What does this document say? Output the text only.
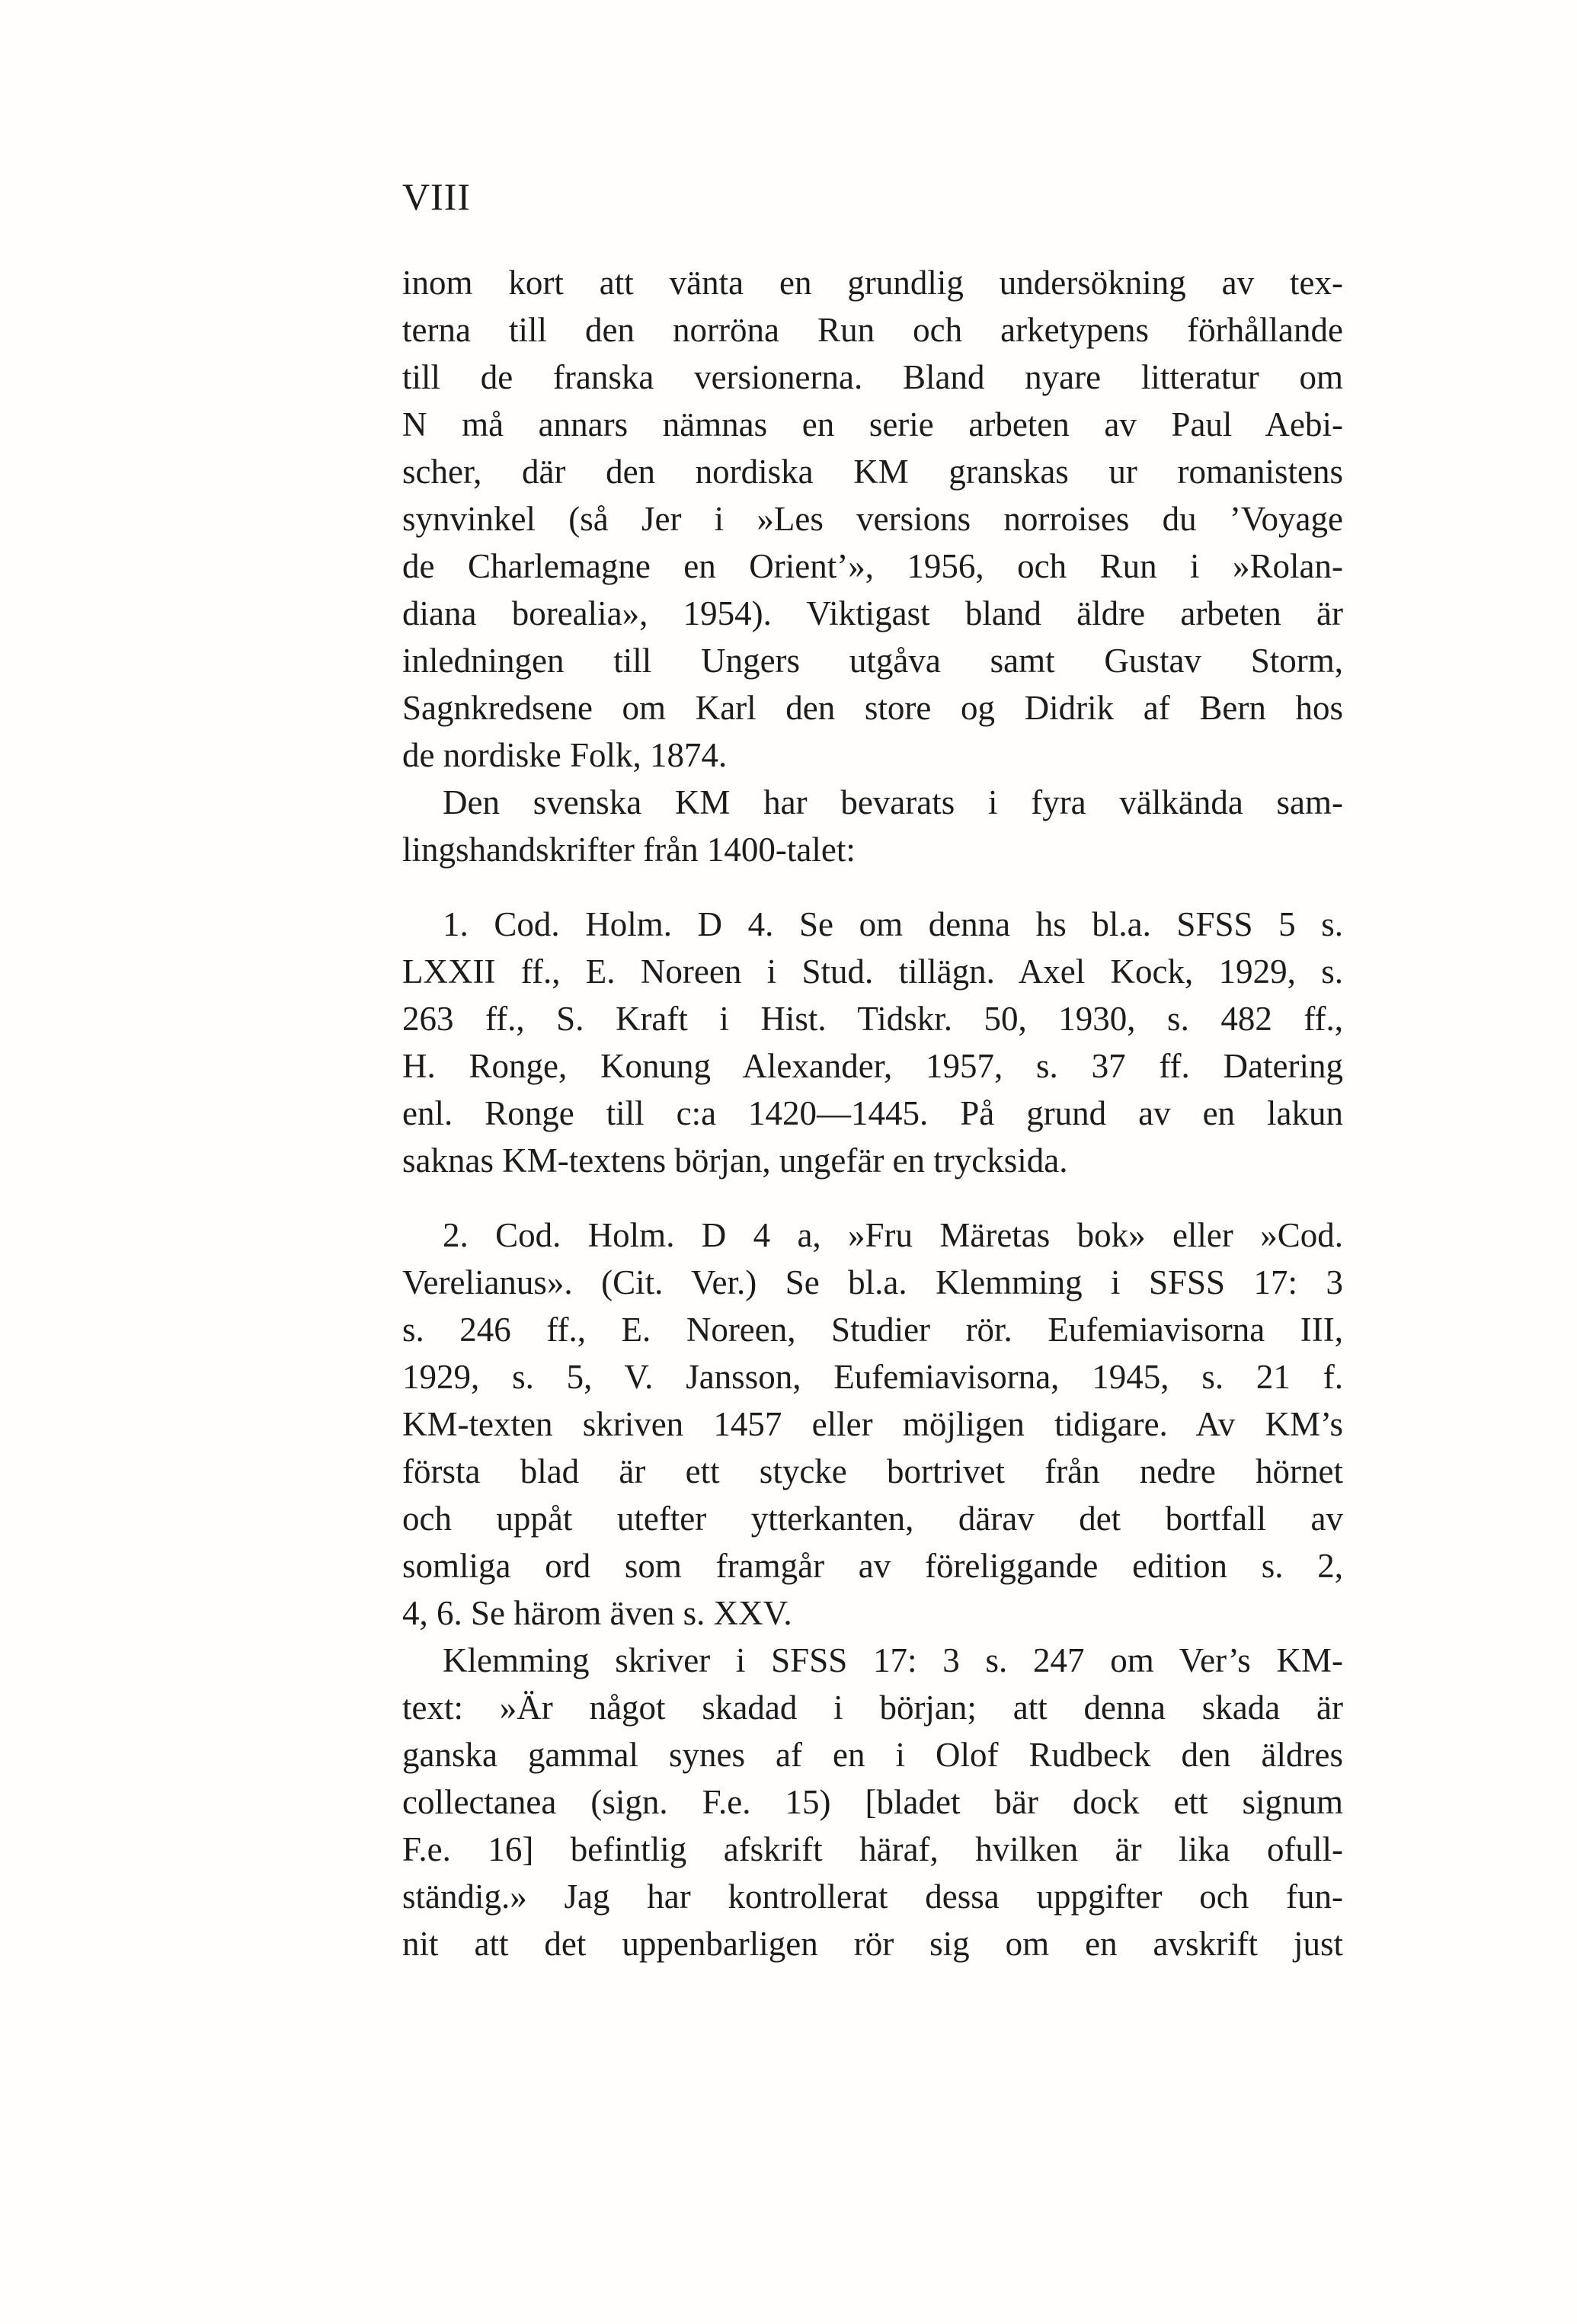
VIII
inom kort att vänta en grundlig undersökning av tex-
terna till den norröna Run och arketypens förhållande
till de franska versionerna. Bland nyare litteratur om
N må annars nämnas en serie arbeten av Paul Aebi-
scher, där den nordiska KM granskas ur romanistens
synvinkel (så Jer i »Les versions norroises du ’Voyage
de Charlemagne en Orient’», 1956, och Run i »Rolan-
diana borealia», 1954). Viktigast bland äldre arbeten är
inledningen till Ungers utgåva samt Gustav Storm,
Sagnkredsene om Karl den store og Didrik af Bern hos
de nordiske Folk, 1874.
Den svenska KM har bevarats i fyra välkända sam-
lingshandskrifter från 1400-talet:
1. Cod. Holm. D 4. Se om denna hs bl.a. SFSS 5 s.
LXXII ff., E. Noreen i Stud. tillägn. Axel Kock, 1929, s.
263 ff., S. Kraft i Hist. Tidskr. 50, 1930, s. 482 ff.,
H. Ronge, Konung Alexander, 1957, s. 37 ff. Datering
enl. Ronge till c:a 1420—1445. På grund av en lakun
saknas KM-textens början, ungefär en trycksida.
2. Cod. Holm. D 4 a, »Fru Märetas bok» eller »Cod.
Verelianus». (Cit. Ver.) Se bl.a. Klemming i SFSS 17: 3
s. 246 ff., E. Noreen, Studier rör. Eufemiavisorna III,
1929, s. 5, V. Jansson, Eufemiavisorna, 1945, s. 21 f.
KM-texten skriven 1457 eller möjligen tidigare. Av KM’s
första blad är ett stycke bortrivet från nedre hörnet
och uppåt utefter ytterkanten, därav det bortfall av
somliga ord som framgår av föreliggande edition s. 2,
4, 6. Se härom även s. XXV.
Klemming skriver i SFSS 17: 3 s. 247 om Ver’s KM-
text: »Är något skadad i början; att denna skada är
ganska gammal synes af en i Olof Rudbeck den äldres
collectanea (sign. F.e. 15) [bladet bär dock ett signum
F.e. 16] befintlig afskrift häraf, hvilken är lika ofull-
ständig.» Jag har kontrollerat dessa uppgifter och fun-
nit att det uppenbarligen rör sig om en avskrift just
